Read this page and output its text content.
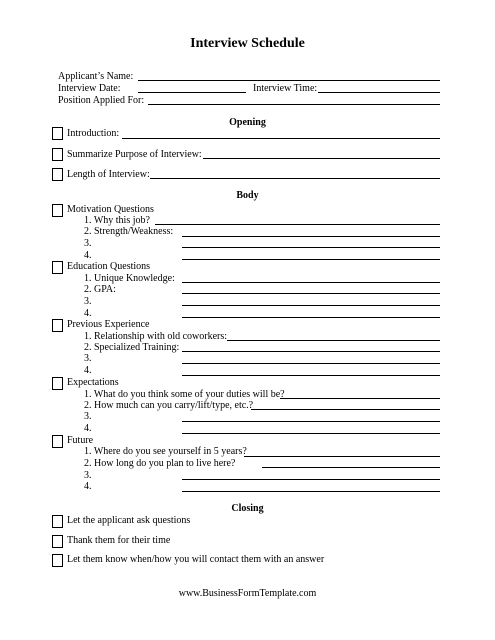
Interview Schedule
Applicant’s Name:
Interview Date:	Interview Time:
Position Applied For:
Opening
Introduction:
Summarize Purpose of Interview:
Length of Interview:
Body
Motivation Questions
1. Why this job?
2. Strength/Weakness:
3.
4.
Education Questions
1. Unique Knowledge:
2. GPA:
3.
4.
Previous Experience
1. Relationship with old coworkers:
2. Specialized Training:
3.
4.
Expectations
1. What do you think some of your duties will be?
2. How much can you carry/lift/type, etc.?
3.
4.
Future
1. Where do you see yourself in 5 years?
2. How long do you plan to live here?
3.
4.
Closing
Let the applicant ask questions
Thank them for their time
Let them know when/how you will contact them with an answer
www.BusinessFormTemplate.com
